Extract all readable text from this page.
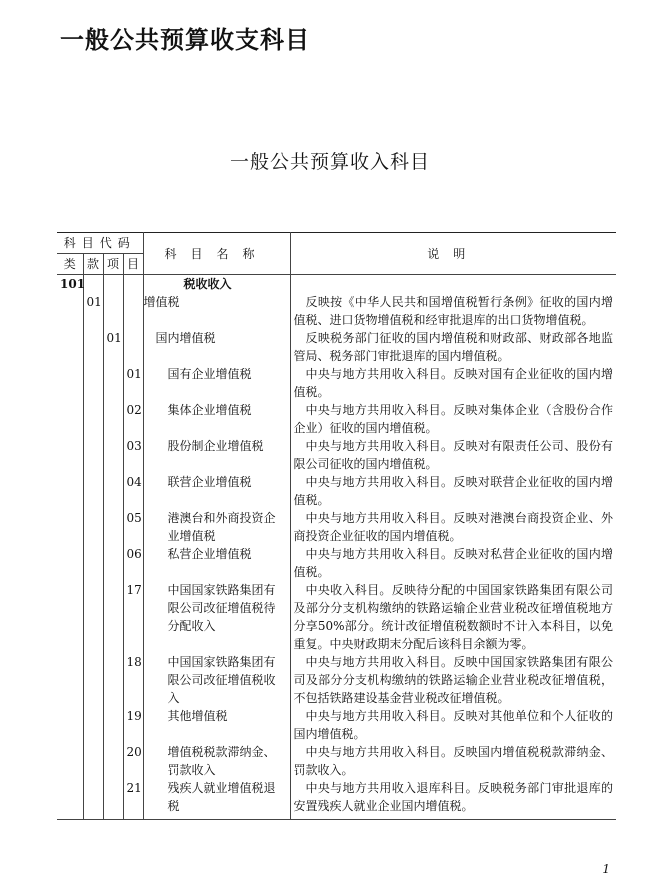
一般公共预算收支科目
一般公共预算收入科目
科目代码				科目名称	说明
类	款	项	目		
101				税收收入	
	01			增值税	反映按《中华人民共和国增值税暂行条例》征收的国内增值税、进口货物增值税和经审批退库的出口货物增值税。
		01		国内增值税	反映税务部门征收的国内增值税和财政部、财政部各地监管局、税务部门审批退库的国内增值税。
			01	国有企业增值税	中央与地方共用收入科目。反映对国有企业征收的国内增值税。
			02	集体企业增值税	中央与地方共用收入科目。反映对集体企业（含股份合作企业）征收的国内增值税。
			03	股份制企业增值税	中央与地方共用收入科目。反映对有限责任公司、股份有限公司征收的国内增值税。
			04	联营企业增值税	中央与地方共用收入科目。反映对联营企业征收的国内增值税。
			05	港澳台和外商投资企业增值税	中央与地方共用收入科目。反映对港澳台商投资企业、外商投资企业征收的国内增值税。
			06	私营企业增值税	中央与地方共用收入科目。反映对私营企业征收的国内增值税。
			17	中国国家铁路集团有限公司改征增值税待分配收入	中央收入科目。反映待分配的中国国家铁路集团有限公司及部分分支机构缴纳的铁路运输企业营业税改征增值税地方分享50%部分。统计改征增值税数额时不计入本科目，以免重复。中央财政期末分配后该科目余额为零。
			18	中国国家铁路集团有限公司改征增值税收入	中央与地方共用收入科目。反映中国国家铁路集团有限公司及部分分支机构缴纳的铁路运输企业营业税改征增值税，不包括铁路建设基金营业税改征增值税。
			19	其他增值税	中央与地方共用收入科目。反映对其他单位和个人征收的国内增值税。
			20	增值税税款滞纳金、罚款收入	中央与地方共用收入科目。反映国内增值税税款滞纳金、罚款收入。
			21	残疾人就业增值税退税	中央与地方共用收入退库科目。反映税务部门审批退库的安置残疾人就业企业国内增值税。
1
